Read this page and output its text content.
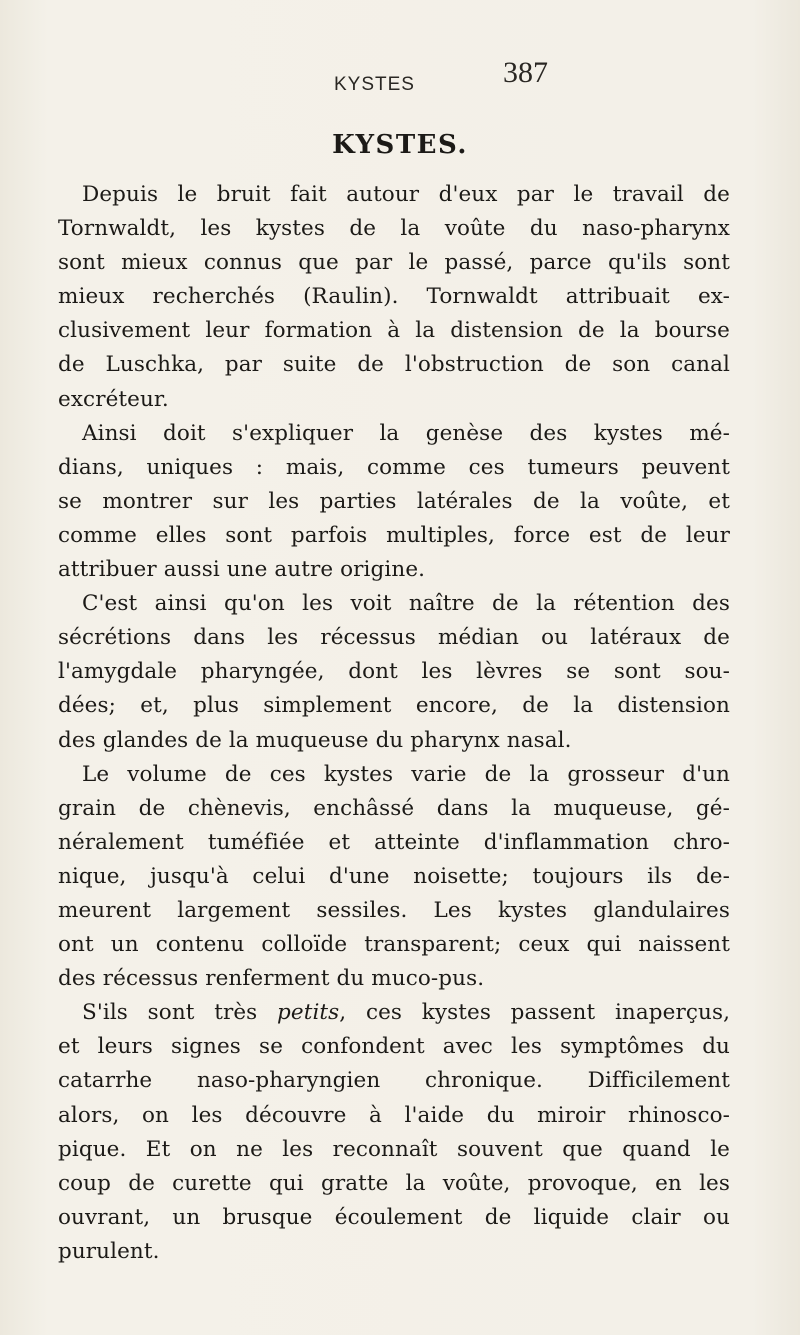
KYSTES	387
KYSTES.
Depuis le bruit fait autour d'eux par le travail de
Tornwaldt, les kystes de la voûte du naso-pharynx
sont mieux connus que par le passé, parce qu'ils sont
mieux recherchés (Raulin). Tornwaldt attribuait ex-
clusivement leur formation à la distension de la bourse
de Luschka, par suite de l'obstruction de son canal
excréteur.
Ainsi doit s'expliquer la genèse des kystes mé-
dians, uniques : mais, comme ces tumeurs peuvent
se montrer sur les parties latérales de la voûte, et
comme elles sont parfois multiples, force est de leur
attribuer aussi une autre origine.
C'est ainsi qu'on les voit naître de la rétention des
sécrétions dans les récessus médian ou latéraux de
l'amygdale pharyngée, dont les lèvres se sont sou-
dées; et, plus simplement encore, de la distension
des glandes de la muqueuse du pharynx nasal.
Le volume de ces kystes varie de la grosseur d'un
grain de chènevis, enchâssé dans la muqueuse, gé-
néralement tuméfiée et atteinte d'inflammation chro-
nique, jusqu'à celui d'une noisette; toujours ils de-
meurent largement sessiles. Les kystes glandulaires
ont un contenu colloïde transparent; ceux qui naissent
des récessus renferment du muco-pus.
S'ils sont très petits, ces kystes passent inaperçus,
et leurs signes se confondent avec les symptômes du
catarrhe naso-pharyngien chronique. Difficilement
alors, on les découvre à l'aide du miroir rhinosco-
pique. Et on ne les reconnaît souvent que quand le
coup de curette qui gratte la voûte, provoque, en les
ouvrant, un brusque écoulement de liquide clair ou
purulent.
